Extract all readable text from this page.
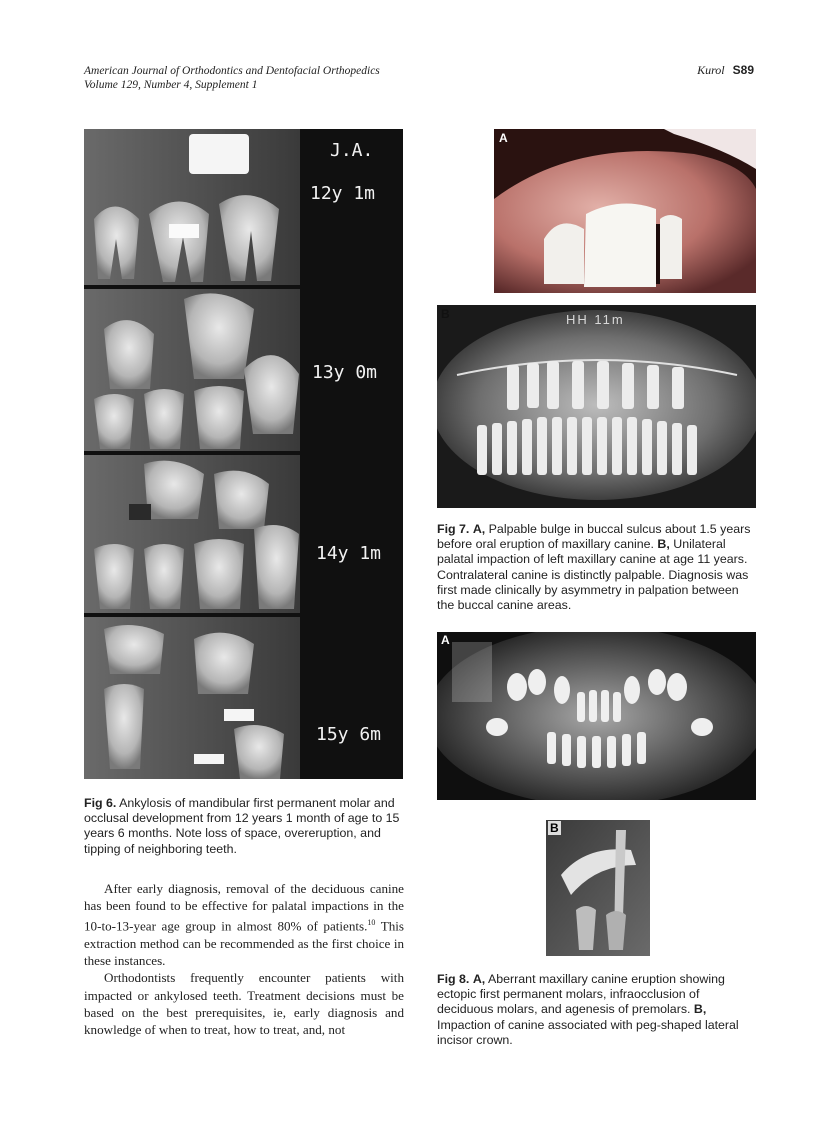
American Journal of Orthodontics and Dentofacial Orthopedics
Volume 129, Number 4, Supplement 1
Kurol S89
J.A.
12y 1m
13y 0m
14y 1m
15y 6m
Fig 6. Ankylosis of mandibular first permanent molar and occlusal development from 12 years 1 month of age to 15 years 6 months. Note loss of space, overeruption, and tipping of neighboring teeth.
A
B	HH 11m
Fig 7. A, Palpable bulge in buccal sulcus about 1.5 years before oral eruption of maxillary canine. B, Unilateral palatal impaction of left maxillary canine at age 11 years. Contralateral canine is distinctly palpable. Diagnosis was first made clinically by asymmetry in palpation between the buccal canine areas.
A
B
Fig 8. A, Aberrant maxillary canine eruption showing ectopic first permanent molars, infraocclusion of deciduous molars, and agenesis of premolars. B, Impaction of canine associated with peg-shaped lateral incisor crown.

After early diagnosis, removal of the deciduous canine has been found to be effective for palatal impactions in the 10-to-13-year age group in almost 80% of patients.$^{10}$ This extraction method can be recommended as the first choice in these instances.

Orthodontists frequently encounter patients with impacted or ankylosed teeth. Treatment decisions must be based on the best prerequisites, ie, early diagnosis and knowledge of when to treat, how to treat, and, not
